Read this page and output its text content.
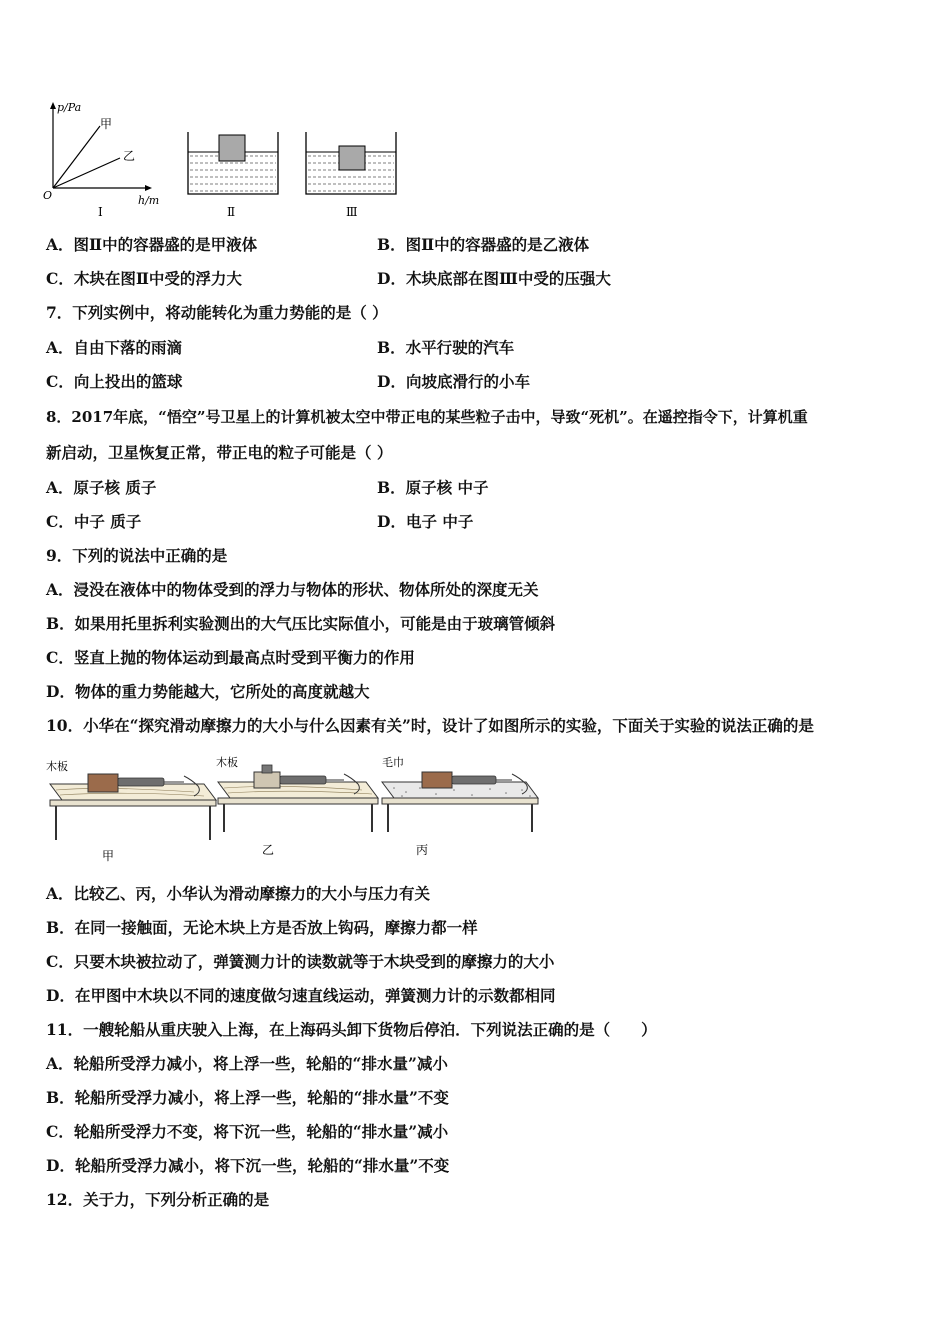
p/Pa
h/m
O
甲
乙
Ⅰ	Ⅱ	Ⅲ
A．图Ⅱ中的容器盛的是甲液体	B．图Ⅱ中的容器盛的是乙液体
C．木块在图Ⅱ中受的浮力大	D．木块底部在图Ⅲ中受的压强大
7．下列实例中，将动能转化为重力势能的是（ ）
A．自由下落的雨滴	B．水平行驶的汽车
C．向上投出的篮球	D．向坡底滑行的小车
8．2017年底，“悟空”号卫星上的计算机被太空中带正电的某些粒子击中，导致“死机”。在遥控指令下，计算机重
新启动，卫星恢复正常，带正电的粒子可能是（ ）
A．原子核 质子	B．原子核 中子
C．中子 质子	D．电子 中子
9．下列的说法中正确的是
A．浸没在液体中的物体受到的浮力与物体的形状、物体所处的深度无关
B．如果用托里拆利实验测出的大气压比实际值小，可能是由于玻璃管倾斜
C．竖直上抛的物体运动到最高点时受到平衡力的作用
D．物体的重力势能越大，它所处的高度就越大
10．小华在“探究滑动摩擦力的大小与什么因素有关”时，设计了如图所示的实验，下面关于实验的说法正确的是
木板
甲
木板
乙
毛巾
丙
A．比较乙、丙，小华认为滑动摩擦力的大小与压力有关
B．在同一接触面，无论木块上方是否放上钩码，摩擦力都一样
C．只要木块被拉动了，弹簧测力计的读数就等于木块受到的摩擦力的大小
D．在甲图中木块以不同的速度做匀速直线运动，弹簧测力计的示数都相同
11．一艘轮船从重庆驶入上海，在上海码头卸下货物后停泊．下列说法正确的是（　　）
A．轮船所受浮力减小，将上浮一些，轮船的“排水量”减小
B．轮船所受浮力减小，将上浮一些，轮船的“排水量”不变
C．轮船所受浮力不变，将下沉一些，轮船的“排水量”减小
D．轮船所受浮力减小，将下沉一些，轮船的“排水量”不变
12．关于力，下列分析正确的是
